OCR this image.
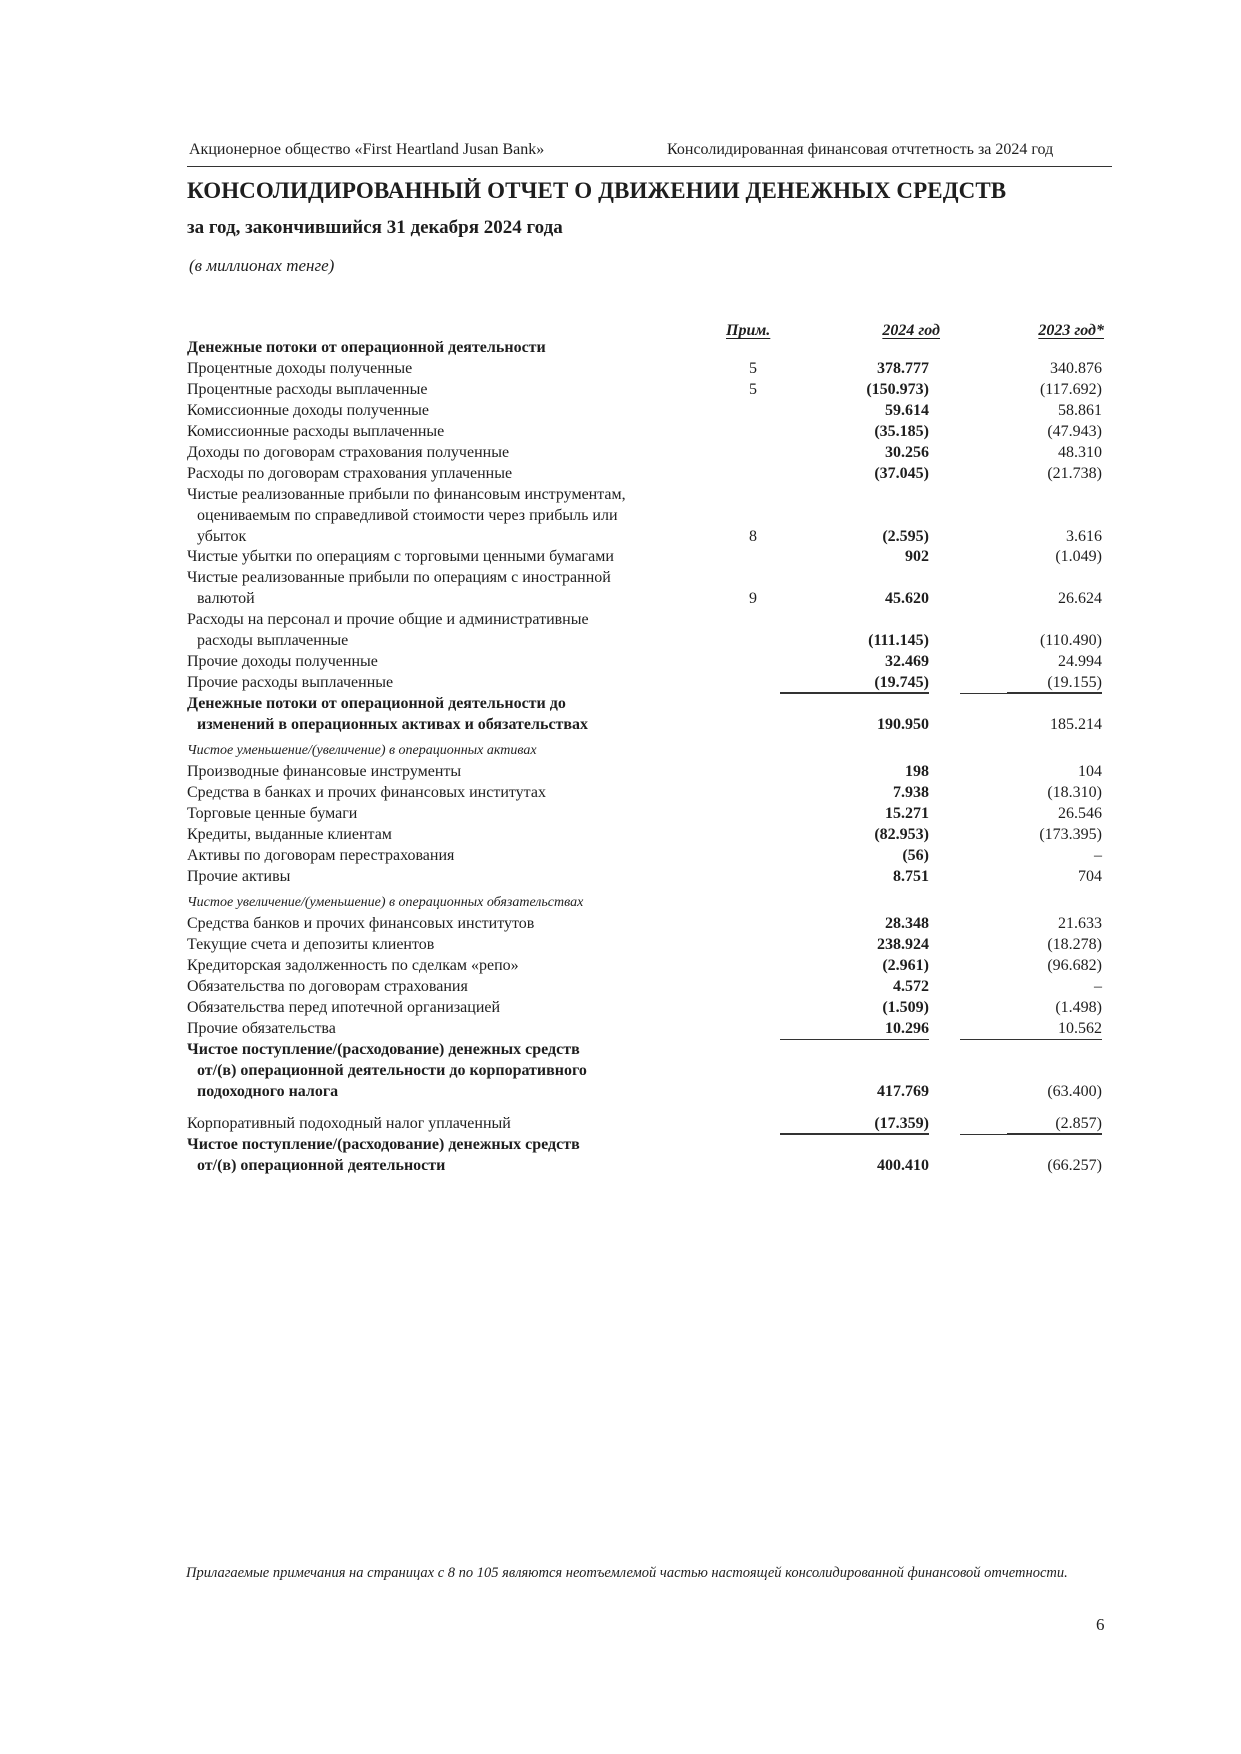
Акционерное общество «First Heartland Jusan Bank»	Консолидированная финансовая отчтетность за 2024 год
КОНСОЛИДИРОВАННЫЙ ОТЧЕТ О ДВИЖЕНИИ ДЕНЕЖНЫХ СРЕДСТВ
за год, закончившийся 31 декабря 2024 года
(в миллионах тенге)
Прим.	2024 год	2023 год*
Денежные потоки от операционной деятельности
Процентные доходы полученные	5	378.777	340.876
Процентные расходы выплаченные	5	(150.973)	(117.692)
Комиссионные доходы полученные	59.614	58.861
Комиссионные расходы выплаченные	(35.185)	(47.943)
Доходы по договорам страхования полученные	30.256	48.310
Расходы по договорам страхования уплаченные	(37.045)	(21.738)
Чистые реализованные прибыли по финансовым инструментам,
оцениваемым по справедливой стоимости через прибыль или
убыток	8	(2.595)	3.616
Чистые убытки по операциям с торговыми ценными бумагами	902	(1.049)
Чистые реализованные прибыли по операциям с иностранной
валютой	9	45.620	26.624
Расходы на персонал и прочие общие и административные
расходы выплаченные	(111.145)	(110.490)
Прочие доходы полученные	32.469	24.994
Прочие расходы выплаченные	(19.745)	(19.155)
Денежные потоки от операционной деятельности до
изменений в операционных активах и обязательствах	190.950	185.214
Чистое уменьшение/(увеличение) в операционных активах
Производные финансовые инструменты	198	104
Средства в банках и прочих финансовых институтах	7.938	(18.310)
Торговые ценные бумаги	15.271	26.546
Кредиты, выданные клиентам	(82.953)	(173.395)
Активы по договорам перестрахования	(56)	–
Прочие активы	8.751	704
Чистое увеличение/(уменьшение) в операционных обязательствах
Средства банков и прочих финансовых институтов	28.348	21.633
Текущие счета и депозиты клиентов	238.924	(18.278)
Кредиторская задолженность по сделкам «репо»	(2.961)	(96.682)
Обязательства по договорам страхования	4.572	–
Обязательства перед ипотечной организацией	(1.509)	(1.498)
Прочие обязательства	10.296	10.562
Чистое поступление/(расходование) денежных средств
от/(в) операционной деятельности до корпоративного
подоходного налога	417.769	(63.400)
Корпоративный подоходный налог уплаченный	(17.359)	(2.857)
Чистое поступление/(расходование) денежных средств
от/(в) операционной деятельности	400.410	(66.257)
Прилагаемые примечания на страницах с 8 по 105 являются неотъемлемой частью настоящей консолидированной финансовой отчетности.
6
